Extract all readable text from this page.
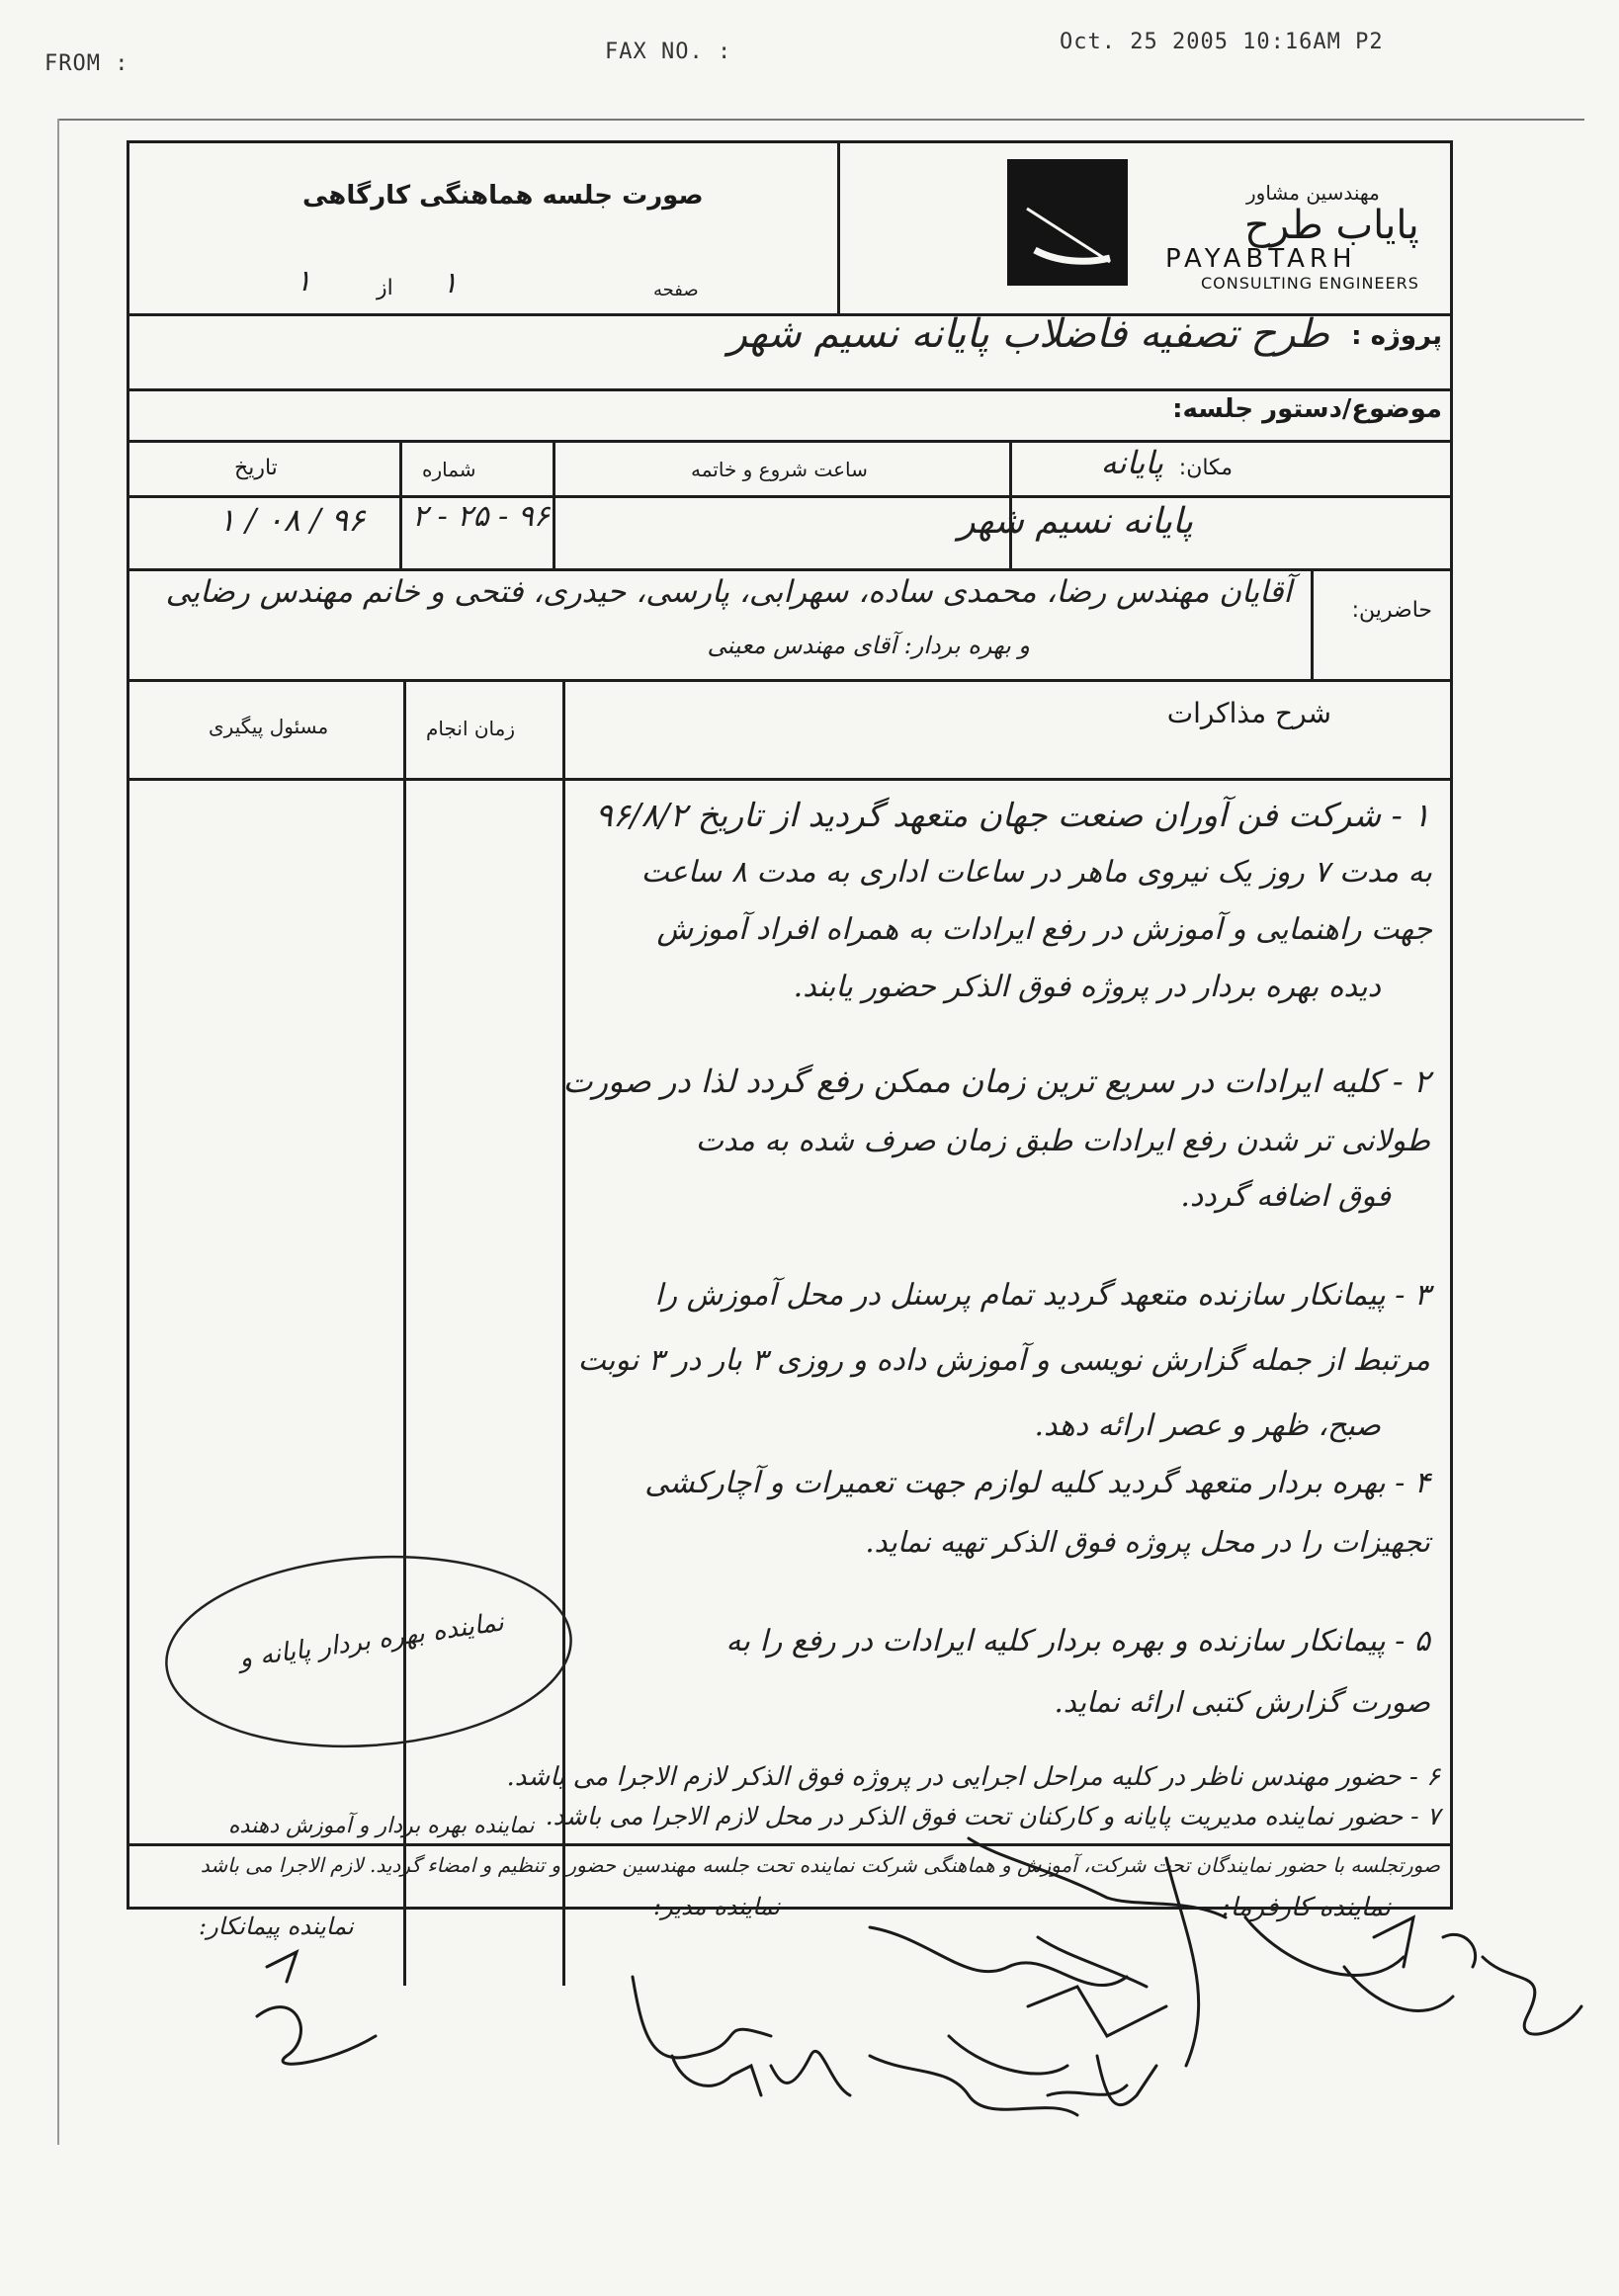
FROM :	FAX NO. :	Oct. 25 2005 10:16AM P2
مهندسین مشاور
پایاب طرح
PAYABTARH
CONSULTING ENGINEERS
صورت جلسه هماهنگی کارگاهی
صفحه
۱
از
۱
پروژه :
طرح تصفیه فاضلاب پایانه نسیم شهر
موضوع/دستور جلسه:
مکان:
پایانه
ساعت شروع و خاتمه
شماره
تاریخ
پایانه نسیم شهر
۹۶ - ۲۵ - ۲
۹۶ / ۰۸ / ۱
حاضرین:
آقایان مهندس رضا، محمدی ساده، سهرابی، پارسی، حیدری، فتحی و خانم مهندس رضایی
و بهره بردار: آقای مهندس معینی
شرح مذاکرات
زمان انجام
مسئول پیگیری
۱ - شرکت فن آوران صنعت جهان متعهد گردید از تاریخ ۹۶/۸/۲
به مدت ۷ روز یک نیروی ماهر در ساعات اداری به مدت ۸ ساعت
جهت راهنمایی و آموزش در رفع ایرادات به همراه افراد آموزش
دیده بهره بردار در پروژه فوق الذکر حضور یابند.
۲ - کلیه ایرادات در سریع ترین زمان ممکن رفع گردد لذا در صورت
طولانی تر شدن رفع ایرادات طبق زمان صرف شده به مدت
فوق اضافه گردد.
۳ - پیمانکار سازنده متعهد گردید تمام پرسنل در محل آموزش را
مرتبط از جمله گزارش نویسی و آموزش داده و روزی ۳ بار در ۳ نوبت
صبح، ظهر و عصر ارائه دهد.
۴ - بهره بردار متعهد گردید کلیه لوازم جهت تعمیرات و آچارکشی
تجهیزات را در محل پروژه فوق الذکر تهیه نماید.
۵ - پیمانکار سازنده و بهره بردار کلیه ایرادات در رفع را به
صورت گزارش کتبی ارائه نماید.
۶ - حضور مهندس ناظر در کلیه مراحل اجرایی در پروژه فوق الذکر لازم الاجرا می باشد.
۷ - حضور نماینده مدیریت پایانه و کارکنان تحت فوق الذکر در محل لازم الاجرا می باشد.
نماینده بهره بردار پایانه و
صورتجلسه با حضور نمایندگان تحت شرکت، آموزش و هماهنگی شرکت نماینده تحت جلسه مهندسین حضور و تنظیم و امضاء گردید. لازم الاجرا می باشد
نماینده بهره بردار و آموزش دهنده
نماینده کارفرما:
نماینده مدیر:
نماینده پیمانکار:
